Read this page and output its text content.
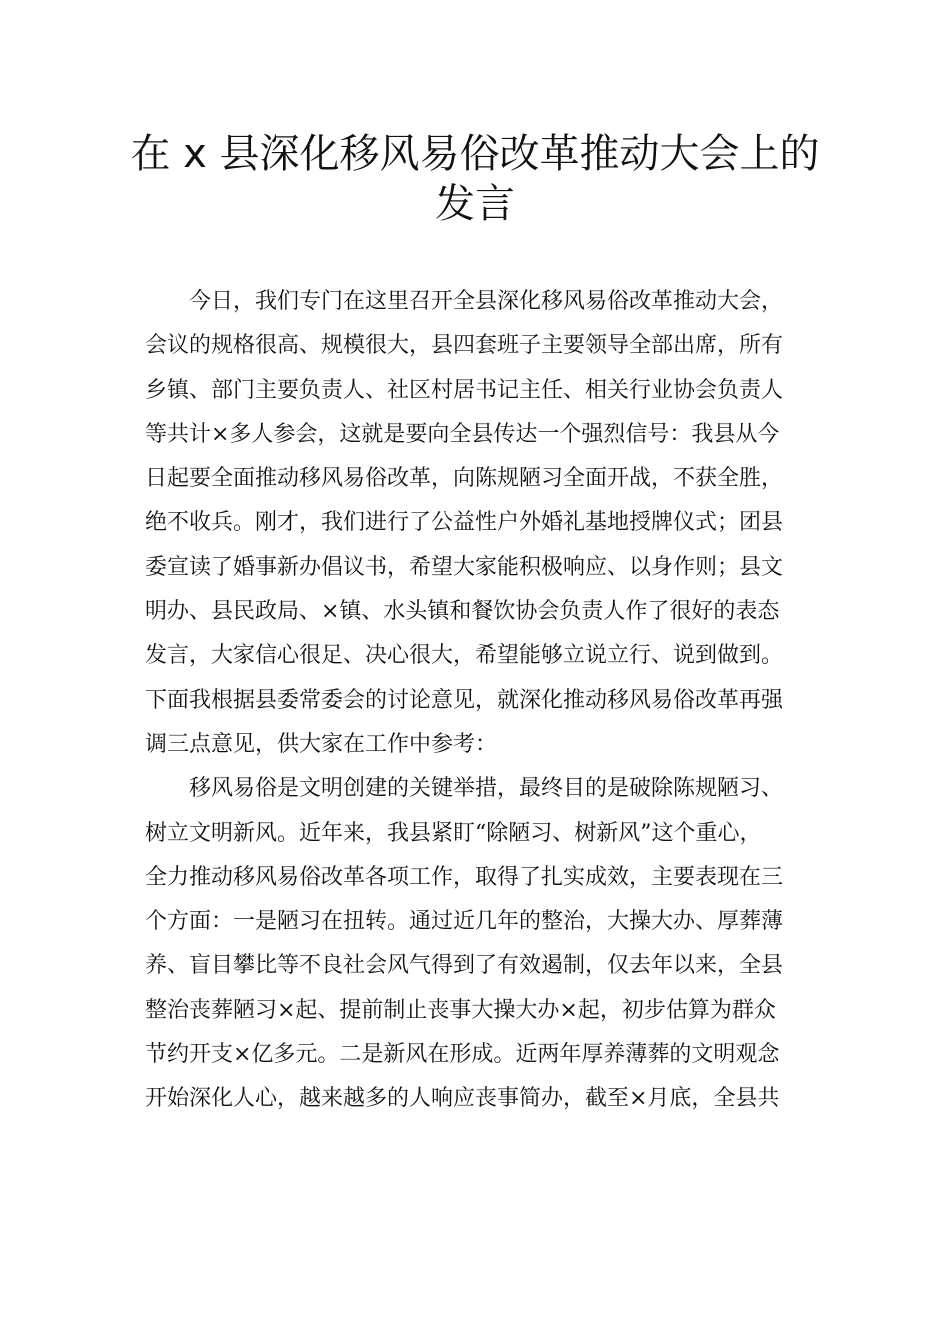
在 x 县深化移风易俗改革推动大会上的
发言
今日，我们专门在这里召开全县深化移风易俗改革推动大会，
会议的规格很高、规模很大，县四套班子主要领导全部出席，所有
乡镇、部门主要负责人、社区村居书记主任、相关行业协会负责人
等共计×多人参会，这就是要向全县传达一个强烈信号：我县从今
日起要全面推动移风易俗改革，向陈规陋习全面开战，不获全胜，
绝不收兵。刚才，我们进行了公益性户外婚礼基地授牌仪式；团县
委宣读了婚事新办倡议书，希望大家能积极响应、以身作则；县文
明办、县民政局、×镇、水头镇和餐饮协会负责人作了很好的表态
发言，大家信心很足、决心很大，希望能够立说立行、说到做到。
下面我根据县委常委会的讨论意见，就深化推动移风易俗改革再强
调三点意见，供大家在工作中参考：
移风易俗是文明创建的关键举措，最终目的是破除陈规陋习、
树立文明新风。近年来，我县紧盯“除陋习、树新风”这个重心，
全力推动移风易俗改革各项工作，取得了扎实成效，主要表现在三
个方面：一是陋习在扭转。通过近几年的整治，大操大办、厚葬薄
养、盲目攀比等不良社会风气得到了有效遏制，仅去年以来，全县
整治丧葬陋习×起、提前制止丧事大操大办×起，初步估算为群众
节约开支×亿多元。二是新风在形成。近两年厚养薄葬的文明观念
开始深化人心，越来越多的人响应丧事简办，截至×月底，全县共
